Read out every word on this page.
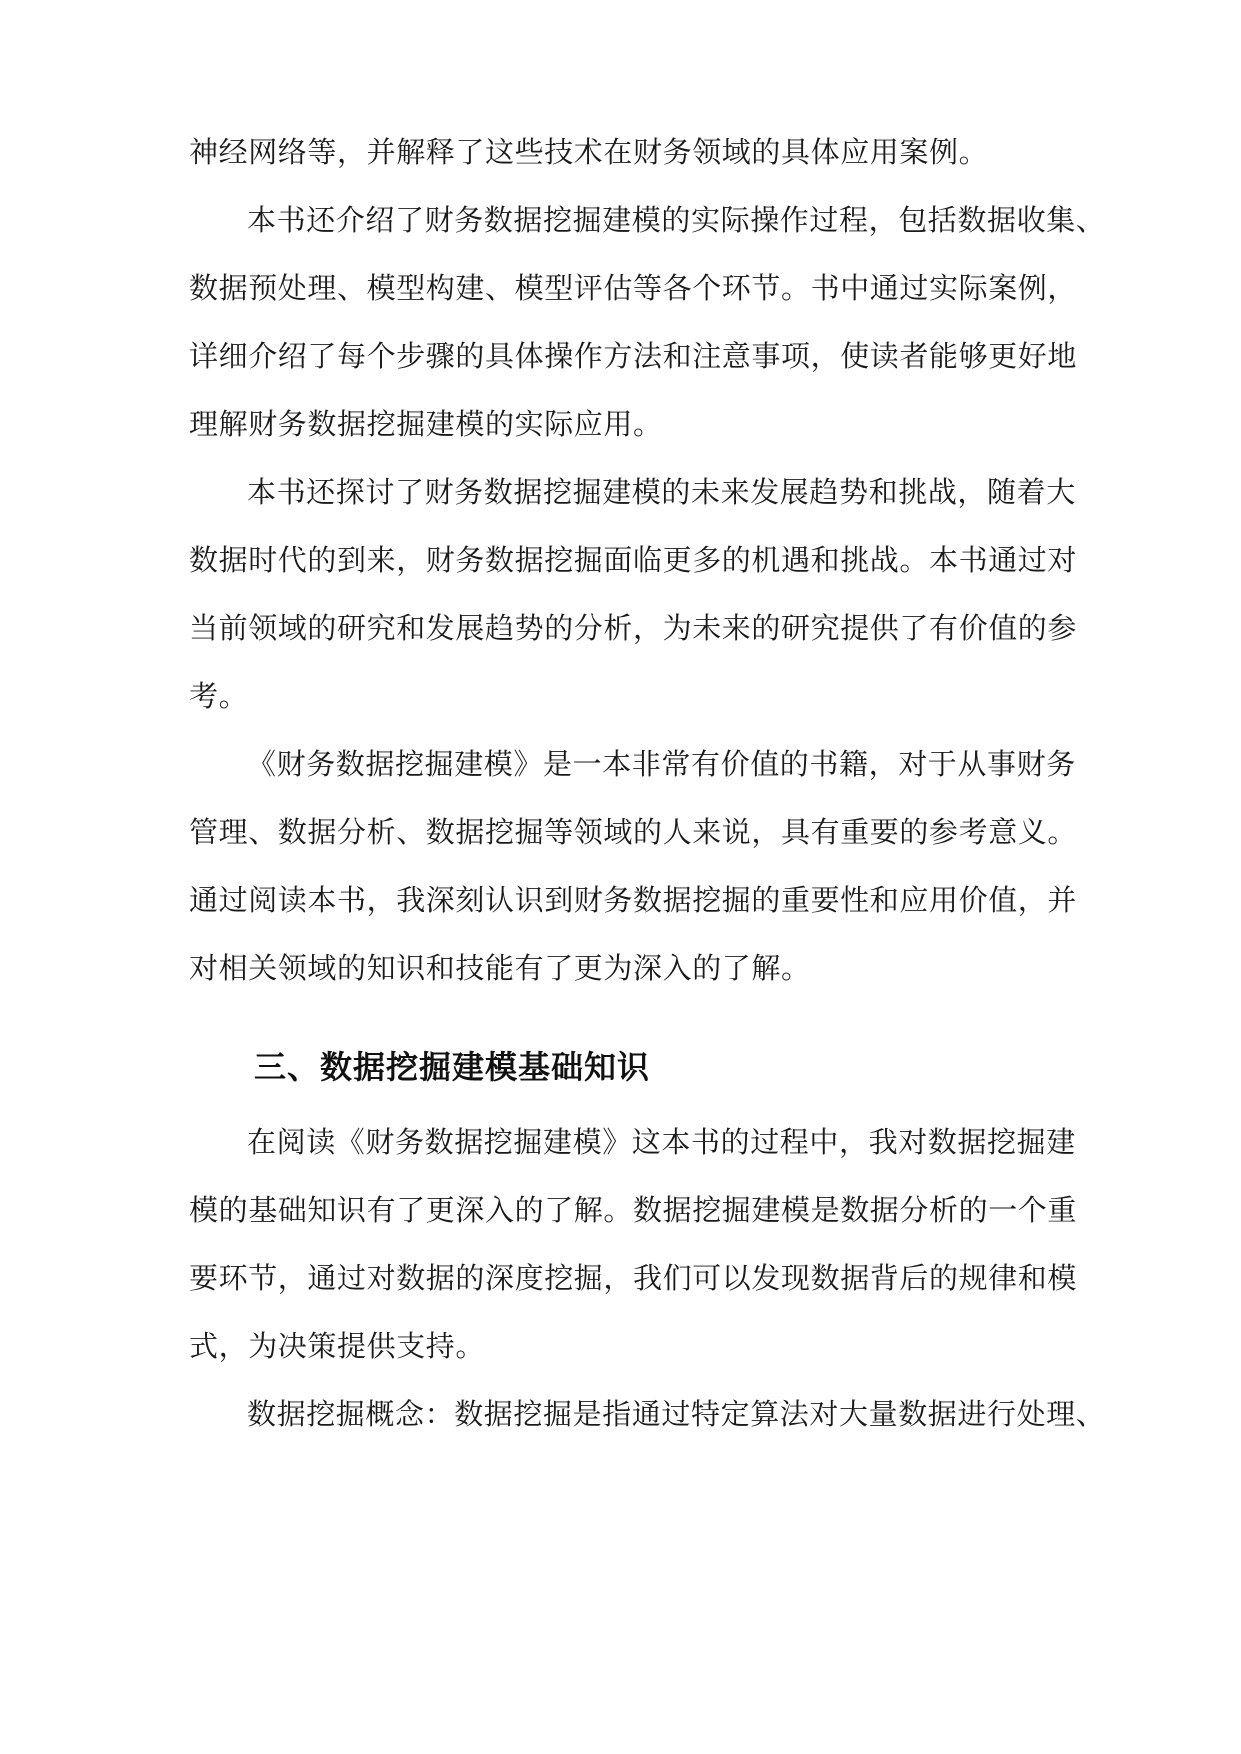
神经网络等，并解释了这些技术在财务领域的具体应用案例。
本书还介绍了财务数据挖掘建模的实际操作过程，包括数据收集、
数据预处理、模型构建、模型评估等各个环节。书中通过实际案例，
详细介绍了每个步骤的具体操作方法和注意事项，使读者能够更好地
理解财务数据挖掘建模的实际应用。
本书还探讨了财务数据挖掘建模的未来发展趋势和挑战，随着大
数据时代的到来，财务数据挖掘面临更多的机遇和挑战。本书通过对
当前领域的研究和发展趋势的分析，为未来的研究提供了有价值的参
考。
《财务数据挖掘建模》是一本非常有价值的书籍，对于从事财务
管理、数据分析、数据挖掘等领域的人来说，具有重要的参考意义。
通过阅读本书，我深刻认识到财务数据挖掘的重要性和应用价值，并
对相关领域的知识和技能有了更为深入的了解。
三、数据挖掘建模基础知识
在阅读《财务数据挖掘建模》这本书的过程中，我对数据挖掘建
模的基础知识有了更深入的了解。数据挖掘建模是数据分析的一个重
要环节，通过对数据的深度挖掘，我们可以发现数据背后的规律和模
式，为决策提供支持。
数据挖掘概念：数据挖掘是指通过特定算法对大量数据进行处理、
